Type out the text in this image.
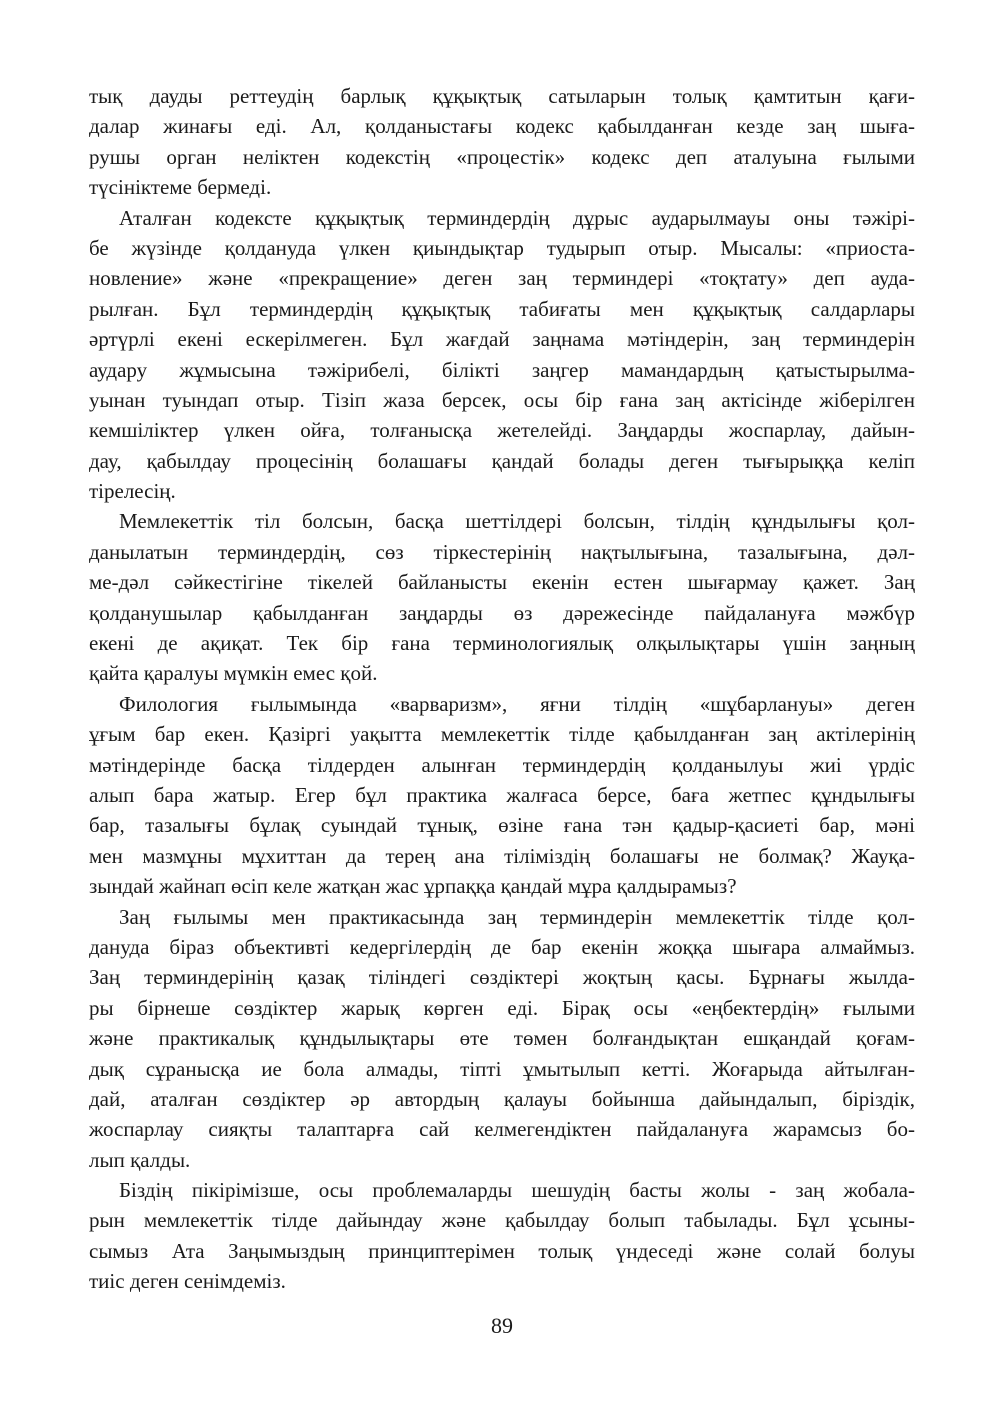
тық дауды реттеудің барлық құқықтық сатыларын толық қамтитын қағи-
далар жинағы еді. Ал, қолданыстағы кодекс қабылданған кезде заң шыға-
рушы орган неліктен кодекстің «процестік» кодекс деп аталуына ғылыми
түсініктеме бермеді.
Аталған кодексте құқықтық терминдердің дұрыс аударылмауы оны тәжірі-
бе жүзінде қолдануда үлкен қиындықтар тудырып отыр. Мысалы: «приоста-
новление» және «прекращение» деген заң терминдері «тоқтату» деп ауда-
рылған. Бұл терминдердің құқықтық табиғаты мен құқықтық салдарлары
әртүрлі екені ескерілмеген. Бұл жағдай заңнама мәтіндерін, заң терминдерін
аудару жұмысына тәжірибелі, білікті заңгер мамандардың қатыстырылма-
уынан туындап отыр. Тізіп жаза берсек, осы бір ғана заң актісінде жіберілген
кемшіліктер үлкен ойға, толғанысқа жетелейді. Заңдарды жоспарлау, дайын-
дау, қабылдау процесінің болашағы қандай болады деген тығырыққа келіп
тірелесің.
Мемлекеттік тіл болсын, басқа шеттілдері болсын, тілдің құндылығы қол-
данылатын терминдердің, сөз тіркестерінің нақтылығына, тазалығына, дәл-
ме-дәл сәйкестігіне тікелей байланысты екенін естен шығармау қажет. Заң
қолданушылар қабылданған заңдарды өз дәрежесінде пайдалануға мәжбүр
екені де ақиқат. Тек бір ғана терминологиялық олқылықтары үшін заңның
қайта қаралуы мүмкін емес қой.
Филология ғылымында «варваризм», яғни тілдің «шұбарлануы» деген
ұғым бар екен. Қазіргі уақытта мемлекеттік тілде қабылданған заң актілерінің
мәтіндерінде басқа тілдерден алынған терминдердің қолданылуы жиі үрдіс
алып бара жатыр. Егер бұл практика жалғаса берсе, баға жетпес құндылығы
бар, тазалығы бұлақ суындай тұнық, өзіне ғана тән қадыр-қасиеті бар, мәні
мен мазмұны мұхиттан да терең ана тіліміздің болашағы не болмақ? Жауқа-
зындай жайнап өсіп келе жатқан жас ұрпаққа қандай мұра қалдырамыз?
Заң ғылымы мен практикасында заң терминдерін мемлекеттік тілде қол-
дануда біраз объективті кедергілердің де бар екенін жоққа шығара алмаймыз.
Заң терминдерінің қазақ тіліндегі сөздіктері жоқтың қасы. Бұрнағы жылда-
ры бірнеше сөздіктер жарық көрген еді. Бірақ осы «еңбектердің» ғылыми
және практикалық құндылықтары өте төмен болғандықтан ешқандай қоғам-
дық сұранысқа ие бола алмады, тіпті ұмытылып кетті. Жоғарыда айтылған-
дай, аталған сөздіктер әр автордың қалауы бойынша дайындалып, біріздік,
жоспарлау сияқты талаптарға сай келмегендіктен пайдалануға жарамсыз бо-
лып қалды.
Біздің пікірімізше, осы проблемаларды шешудің басты жолы - заң жобала-
рын мемлекеттік тілде дайындау және қабылдау болып табылады. Бұл ұсыны-
сымыз Ата Заңымыздың принциптерімен толық үндеседі және солай болуы
тиіс деген сенімдеміз.
89
